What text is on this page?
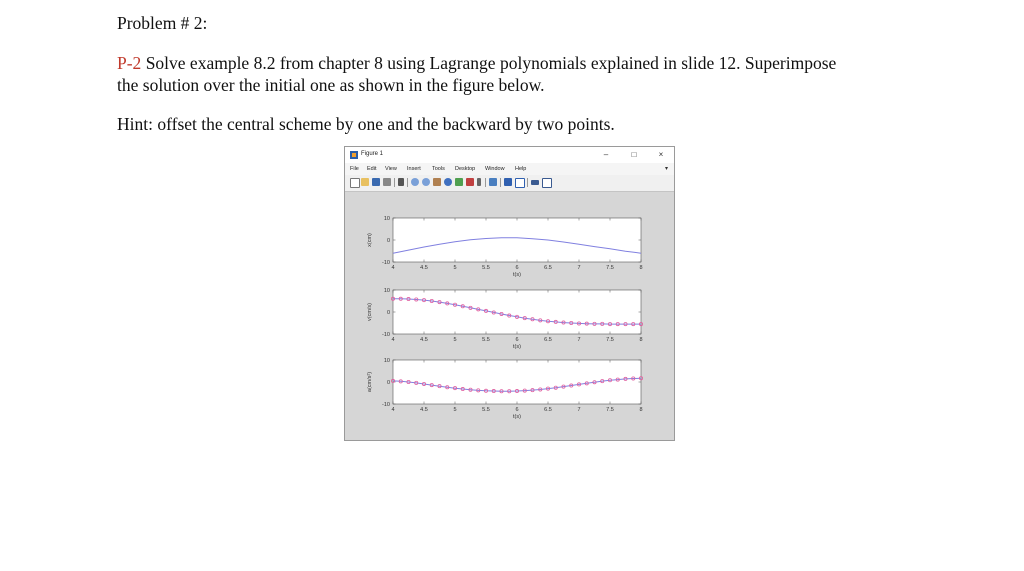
Problem # 2:
P-2 Solve example 8.2 from chapter 8 using Lagrange polynomials explained in slide 12. Superimpose
the solution over the initial one as shown in the figure below.
Hint: offset the central scheme by one and the backward by two points.
Figure 1	–	□	×
File Edit View Insert Tools Desktop Window Help	▾
4	4.5	5	5.5	6	6.5	7	7.5	8
10
0
-10
t(s)
x(cm)
4	4.5	5	5.5	6	6.5	7	7.5	8
10
0
-10
t(s)
v(cm/s)
4	4.5	5	5.5	6	6.5	7	7.5	8
10
0
-10
t(s)
a(cm/s²)
